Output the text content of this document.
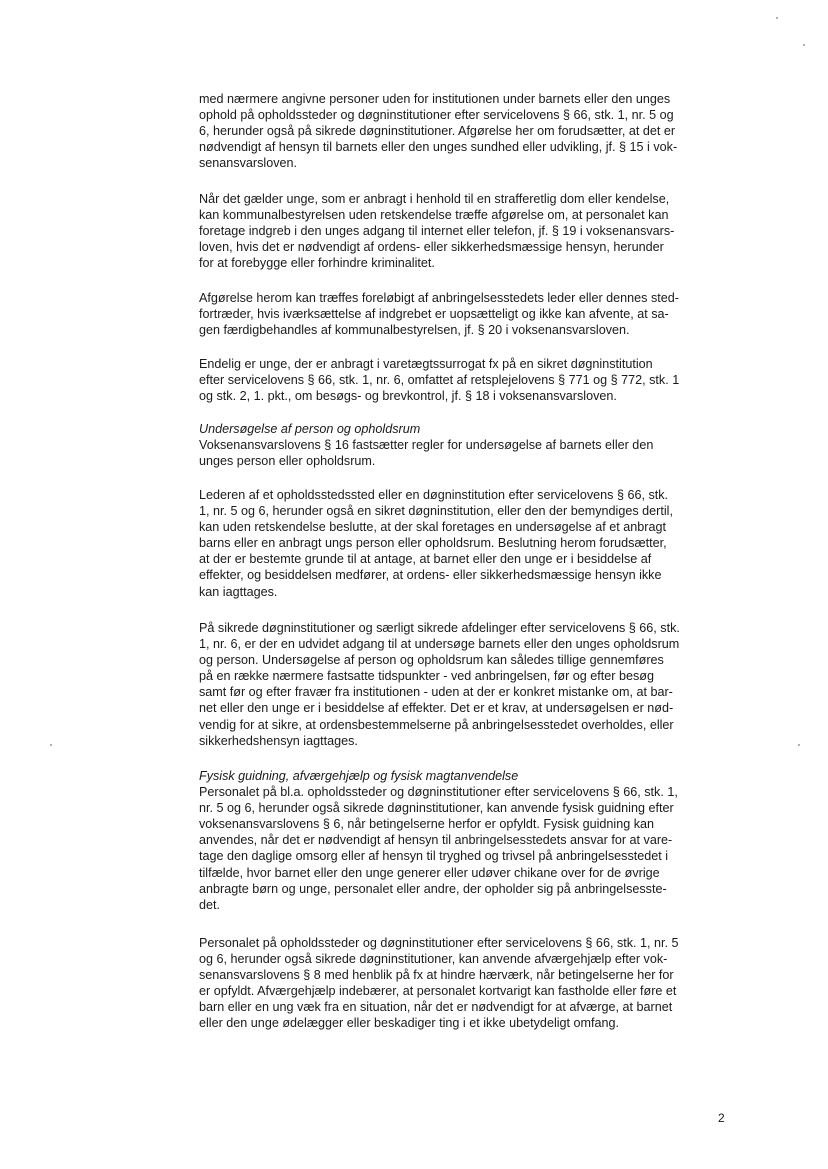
med nærmere angivne personer uden for institutionen under barnets eller den unges
ophold på opholdssteder og døgninstitutioner efter servicelovens § 66, stk. 1, nr. 5 og
6, herunder også på sikrede døgninstitutioner. Afgørelse her om forudsætter, at det er
nødvendigt af hensyn til barnets eller den unges sundhed eller udvikling, jf. § 15 i vok-
senansvarsloven.

Når det gælder unge, som er anbragt i henhold til en strafferetlig dom eller kendelse,
kan kommunalbestyrelsen uden retskendelse træffe afgørelse om, at personalet kan
foretage indgreb i den unges adgang til internet eller telefon, jf. § 19 i voksenansvars-
loven, hvis det er nødvendigt af ordens- eller sikkerhedsmæssige hensyn, herunder
for at forebygge eller forhindre kriminalitet.

Afgørelse herom kan træffes foreløbigt af anbringelsesstedets leder eller dennes sted-
fortræder, hvis iværksættelse af indgrebet er uopsætteligt og ikke kan afvente, at sa-
gen færdigbehandles af kommunalbestyrelsen, jf. § 20 i voksenansvarsloven.

Endelig er unge, der er anbragt i varetægtssurrogat fx på en sikret døgninstitution
efter servicelovens § 66, stk. 1, nr. 6, omfattet af retsplejelovens § 771 og § 772, stk. 1
og stk. 2, 1. pkt., om besøgs- og brevkontrol, jf. § 18 i voksenansvarsloven.

Undersøgelse af person og opholdsrum
Voksenansvarslovens § 16 fastsætter regler for undersøgelse af barnets eller den
unges person eller opholdsrum.

Lederen af et opholdsstedssted eller en døgninstitution efter servicelovens § 66, stk.
1, nr. 5 og 6, herunder også en sikret døgninstitution, eller den der bemyndiges dertil,
kan uden retskendelse beslutte, at der skal foretages en undersøgelse af et anbragt
barns eller en anbragt ungs person eller opholdsrum. Beslutning herom forudsætter,
at der er bestemte grunde til at antage, at barnet eller den unge er i besiddelse af
effekter, og besiddelsen medfører, at ordens- eller sikkerhedsmæssige hensyn ikke
kan iagttages.

På sikrede døgninstitutioner og særligt sikrede afdelinger efter servicelovens § 66, stk.
1, nr. 6, er der en udvidet adgang til at undersøge barnets eller den unges opholdsrum
og person. Undersøgelse af person og opholdsrum kan således tillige gennemføres
på en række nærmere fastsatte tidspunkter - ved anbringelsen, før og efter besøg
samt før og efter fravær fra institutionen - uden at der er konkret mistanke om, at bar-
net eller den unge er i besiddelse af effekter. Det er et krav, at undersøgelsen er nød-
vendig for at sikre, at ordensbestemmelserne på anbringelsesstedet overholdes, eller
sikkerhedshensyn iagttages.

Fysisk guidning, afværgehjælp og fysisk magtanvendelse
Personalet på bl.a. opholdssteder og døgninstitutioner efter servicelovens § 66, stk. 1,
nr. 5 og 6, herunder også sikrede døgninstitutioner, kan anvende fysisk guidning efter
voksenansvarslovens § 6, når betingelserne herfor er opfyldt. Fysisk guidning kan
anvendes, når det er nødvendigt af hensyn til anbringelsesstedets ansvar for at vare-
tage den daglige omsorg eller af hensyn til tryghed og trivsel på anbringelsesstedet i
tilfælde, hvor barnet eller den unge generer eller udøver chikane over for de øvrige
anbragte børn og unge, personalet eller andre, der opholder sig på anbringelsesste-
det.

Personalet på opholdssteder og døgninstitutioner efter servicelovens § 66, stk. 1, nr. 5
og 6, herunder også sikrede døgninstitutioner, kan anvende afværgehjælp efter vok-
senansvarslovens § 8 med henblik på fx at hindre hærværk, når betingelserne her for
er opfyldt. Afværgehjælp indebærer, at personalet kortvarigt kan fastholde eller føre et
barn eller en ung væk fra en situation, når det er nødvendigt for at afværge, at barnet
eller den unge ødelægger eller beskadiger ting i et ikke ubetydeligt omfang.

2
